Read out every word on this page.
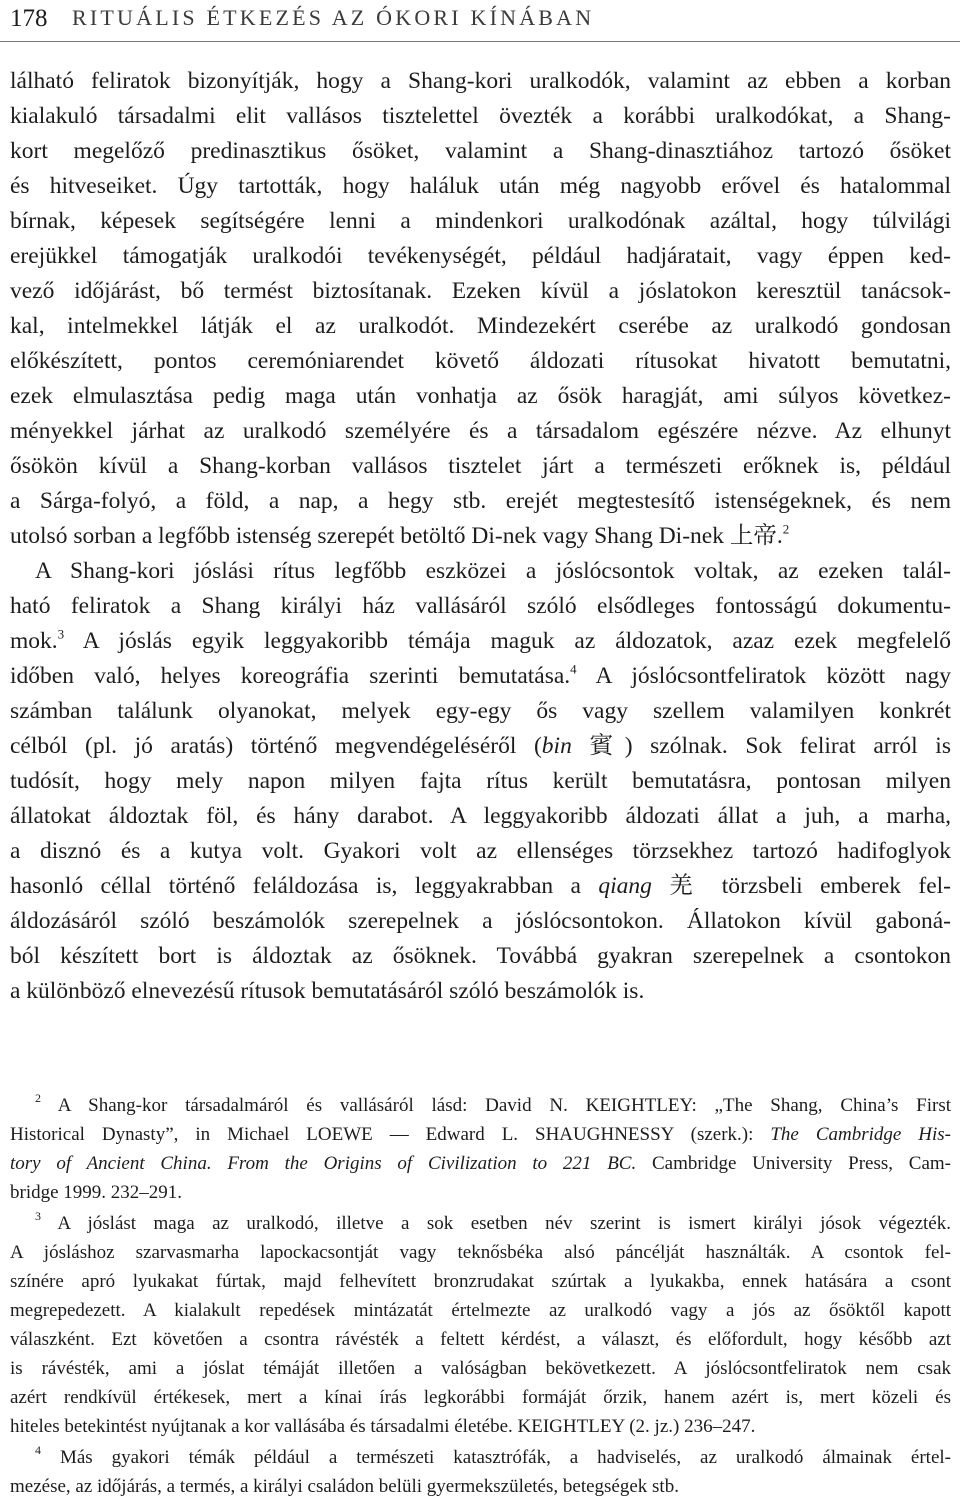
178 RITUÁLIS ÉTKEZÉS AZ ÓKORI KÍNÁBAN
lálható feliratok bizonyítják, hogy a Shang-kori uralkodók, valamint az ebben a korban
kialakuló társadalmi elit vallásos tisztelettel övezték a korábbi uralkodókat, a Shang-
kort megelőző predinasztikus ősöket, valamint a Shang-dinasztiához tartozó ősöket
és hitveseiket. Úgy tartották, hogy haláluk után még nagyobb erővel és hatalommal
bírnak, képesek segítségére lenni a mindenkori uralkodónak azáltal, hogy túlvilági
erejükkel támogatják uralkodói tevékenységét, például hadjáratait, vagy éppen ked-
vező időjárást, bő termést biztosítanak. Ezeken kívül a jóslatokon keresztül tanácsok-
kal, intelmekkel látják el az uralkodót. Mindezekért cserébe az uralkodó gondosan
előkészített, pontos ceremóniarendet követő áldozati rítusokat hivatott bemutatni,
ezek elmulasztása pedig maga után vonhatja az ősök haragját, ami súlyos következ-
ményekkel járhat az uralkodó személyére és a társadalom egészére nézve. Az elhunyt
ősökön kívül a Shang-korban vallásos tisztelet járt a természeti erőknek is, például
a Sárga-folyó, a föld, a nap, a hegy stb. erejét megtestesítő istenségeknek, és nem
utolsó sorban a legfőbb istenség szerepét betöltő Di-nek vagy Shang Di-nek 上帝.$^2$
A Shang-kori jóslási rítus legfőbb eszközei a jóslócsontok voltak, az ezeken talál-
ható feliratok a Shang királyi ház vallásáról szóló elsődleges fontosságú dokumentu-
mok.$^3$ A jóslás egyik leggyakoribb témája maguk az áldozatok, azaz ezek megfelelő
időben való, helyes koreográfia szerinti bemutatása.$^4$ A jóslócsontfeliratok között nagy
számban találunk olyanokat, melyek egy-egy ős vagy szellem valamilyen konkrét
célból (pl. jó aratás) történő megvendégeléséről (bin 賓) szólnak. Sok felirat arról is
tudósít, hogy mely napon milyen fajta rítus került bemutatásra, pontosan milyen
állatokat áldoztak föl, és hány darabot. A leggyakoribb áldozati állat a juh, a marha,
a disznó és a kutya volt. Gyakori volt az ellenséges törzsekhez tartozó hadifoglyok
hasonló céllal történő feláldozása is, leggyakrabban a qiang 羌 törzsbeli emberek fel-
áldozásáról szóló beszámolók szerepelnek a jóslócsontokon. Állatokon kívül gaboná-
ból készített bort is áldoztak az ősöknek. Továbbá gyakran szerepelnek a csontokon
a különböző elnevezésű rítusok bemutatásáról szóló beszámolók is.
$^2$ A Shang-kor társadalmáról és vallásáról lásd: David N. KEIGHTLEY: „The Shang, China’s First
Historical Dynasty”, in Michael LOEWE — Edward L. SHAUGHNESSY (szerk.): The Cambridge His-
tory of Ancient China. From the Origins of Civilization to 221 BC. Cambridge University Press, Cam-
bridge 1999. 232–291.
$^3$ A jóslást maga az uralkodó, illetve a sok esetben név szerint is ismert királyi jósok végezték.
A jósláshoz szarvasmarha lapockacsontját vagy teknősbéka alsó páncélját használták. A csontok fel-
színére apró lyukakat fúrtak, majd felhevített bronzrudakat szúrtak a lyukakba, ennek hatására a csont
megrepedezett. A kialakult repedések mintázatát értelmezte az uralkodó vagy a jós az ősöktől kapott
válaszként. Ezt követően a csontra rávésték a feltett kérdést, a választ, és előfordult, hogy később azt
is rávésték, ami a jóslat témáját illetően a valóságban bekövetkezett. A jóslócsontfeliratok nem csak
azért rendkívül értékesek, mert a kínai írás legkorábbi formáját őrzik, hanem azért is, mert közeli és
hiteles betekintést nyújtanak a kor vallásába és társadalmi életébe. KEIGHTLEY (2. jz.) 236–247.
$^4$ Más gyakori témák például a természeti katasztrófák, a hadviselés, az uralkodó álmainak értel-
mezése, az időjárás, a termés, a királyi családon belüli gyermekszületés, betegségek stb.
